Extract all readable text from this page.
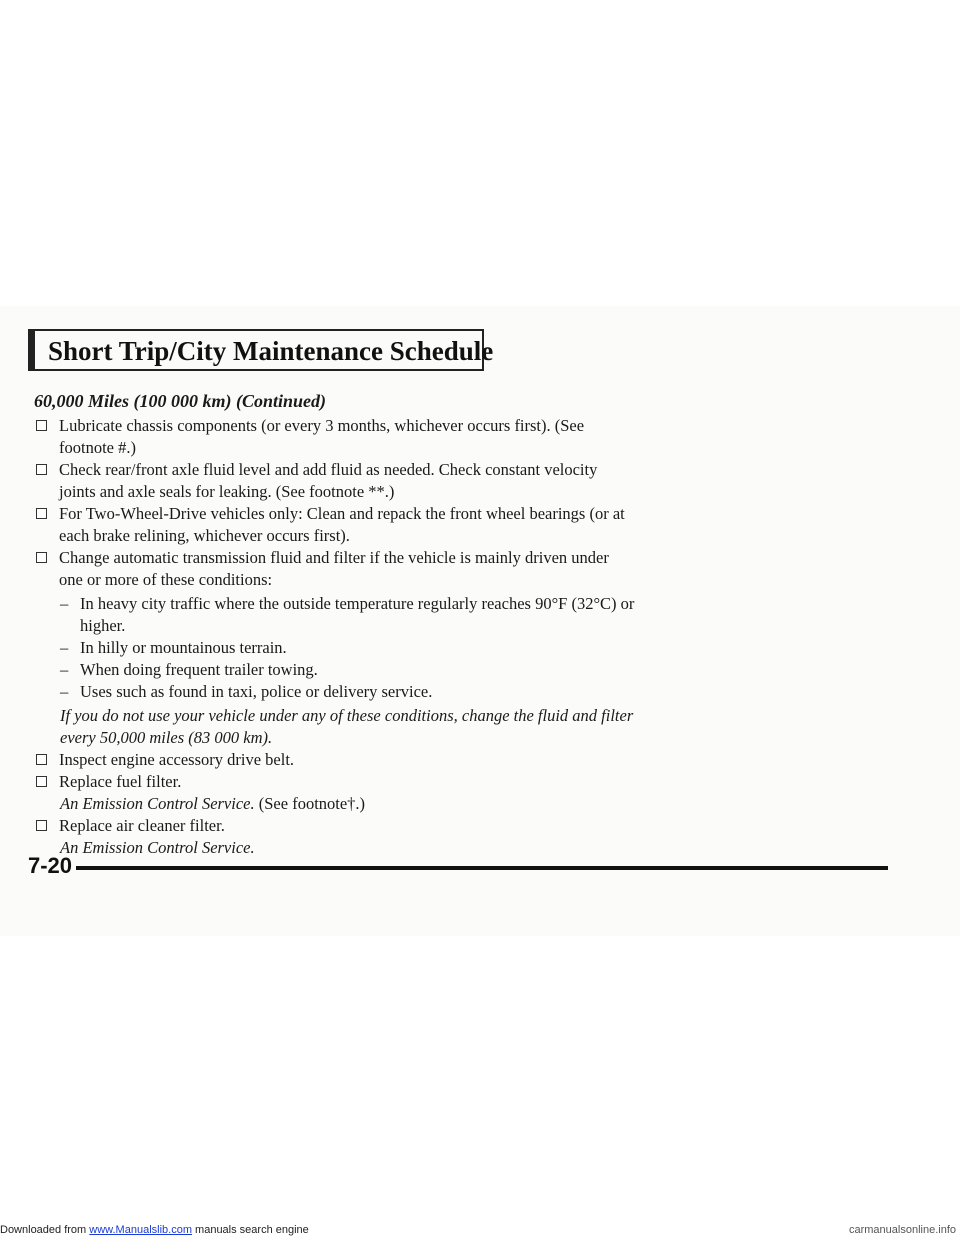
Short Trip/City Maintenance Schedule
60,000 Miles (100 000 km) (Continued)
Lubricate chassis components (or every 3 months, whichever occurs first). (See footnote #.)
Check rear/front axle fluid level and add fluid as needed. Check constant velocity joints and axle seals for leaking. (See footnote **.)
For Two-Wheel-Drive vehicles only: Clean and repack the front wheel bearings (or at each brake relining, whichever occurs first).
Change automatic transmission fluid and filter if the vehicle is mainly driven under one or more of these conditions:
– In heavy city traffic where the outside temperature regularly reaches 90°F (32°C) or higher.
– In hilly or mountainous terrain.
– When doing frequent trailer towing.
– Uses such as found in taxi, police or delivery service.
If you do not use your vehicle under any of these conditions, change the fluid and filter every 50,000 miles (83 000 km).
Inspect engine accessory drive belt.
Replace fuel filter.
An Emission Control Service. (See footnote†.)
Replace air cleaner filter.
An Emission Control Service.
7-20
Downloaded from www.Manualslib.com manuals search engine	carmanualsonline.info
